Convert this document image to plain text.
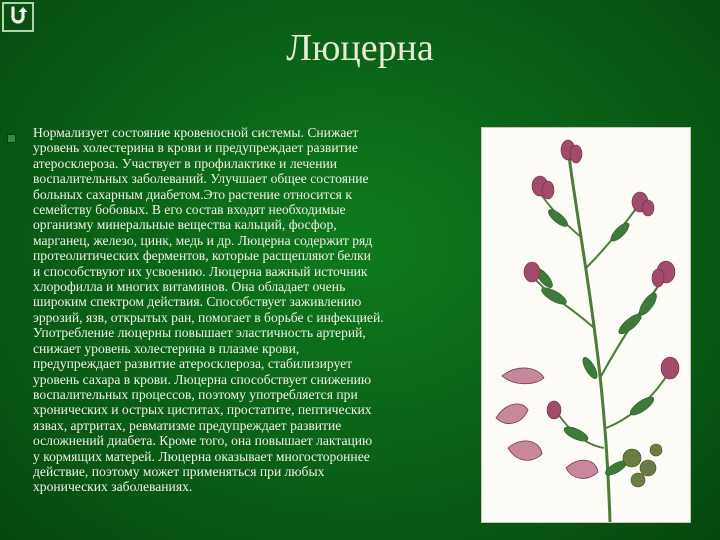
Люцерна
Нормализует состояние кровеносной системы. Снижает
уровень холестерина в крови и предупреждает развитие
атеросклероза. Участвует в профилактике и лечении
воспалительных заболеваний. Улучшает общее состояние
больных сахарным диабетом.Это растение относится к
семейству бобовых. В его состав входят необходимые
организму минеральные вещества кальций, фосфор,
марганец, железо, цинк, медь и др. Люцерна содержит ряд
протеолитических ферментов, которые расщепляют белки
и способствуют их усвоению. Люцерна важный источник
хлорофилла и многих витаминов. Она обладает очень
широким спектром действия. Способствует заживлению
эррозий, язв, открытых ран, помогает в борьбе с инфекцией.
Употребление люцерны повышает эластичность артерий,
снижает уровень холестерина в плазме крови,
предупреждает развитие атеросклероза, стабилизирует
уровень сахара в крови. Люцерна способствует снижению
воспалительных процессов, поэтому употребляется при
хронических и острых циститах, простатите, пептических
язвах, артритах, ревматизме предупреждает развитие
осложнений диабета. Кроме того, она повышает лактацию
у кормящих матерей. Люцерна оказывает многостороннее
действие, поэтому может применяться при любых
хронических заболеваниях.
